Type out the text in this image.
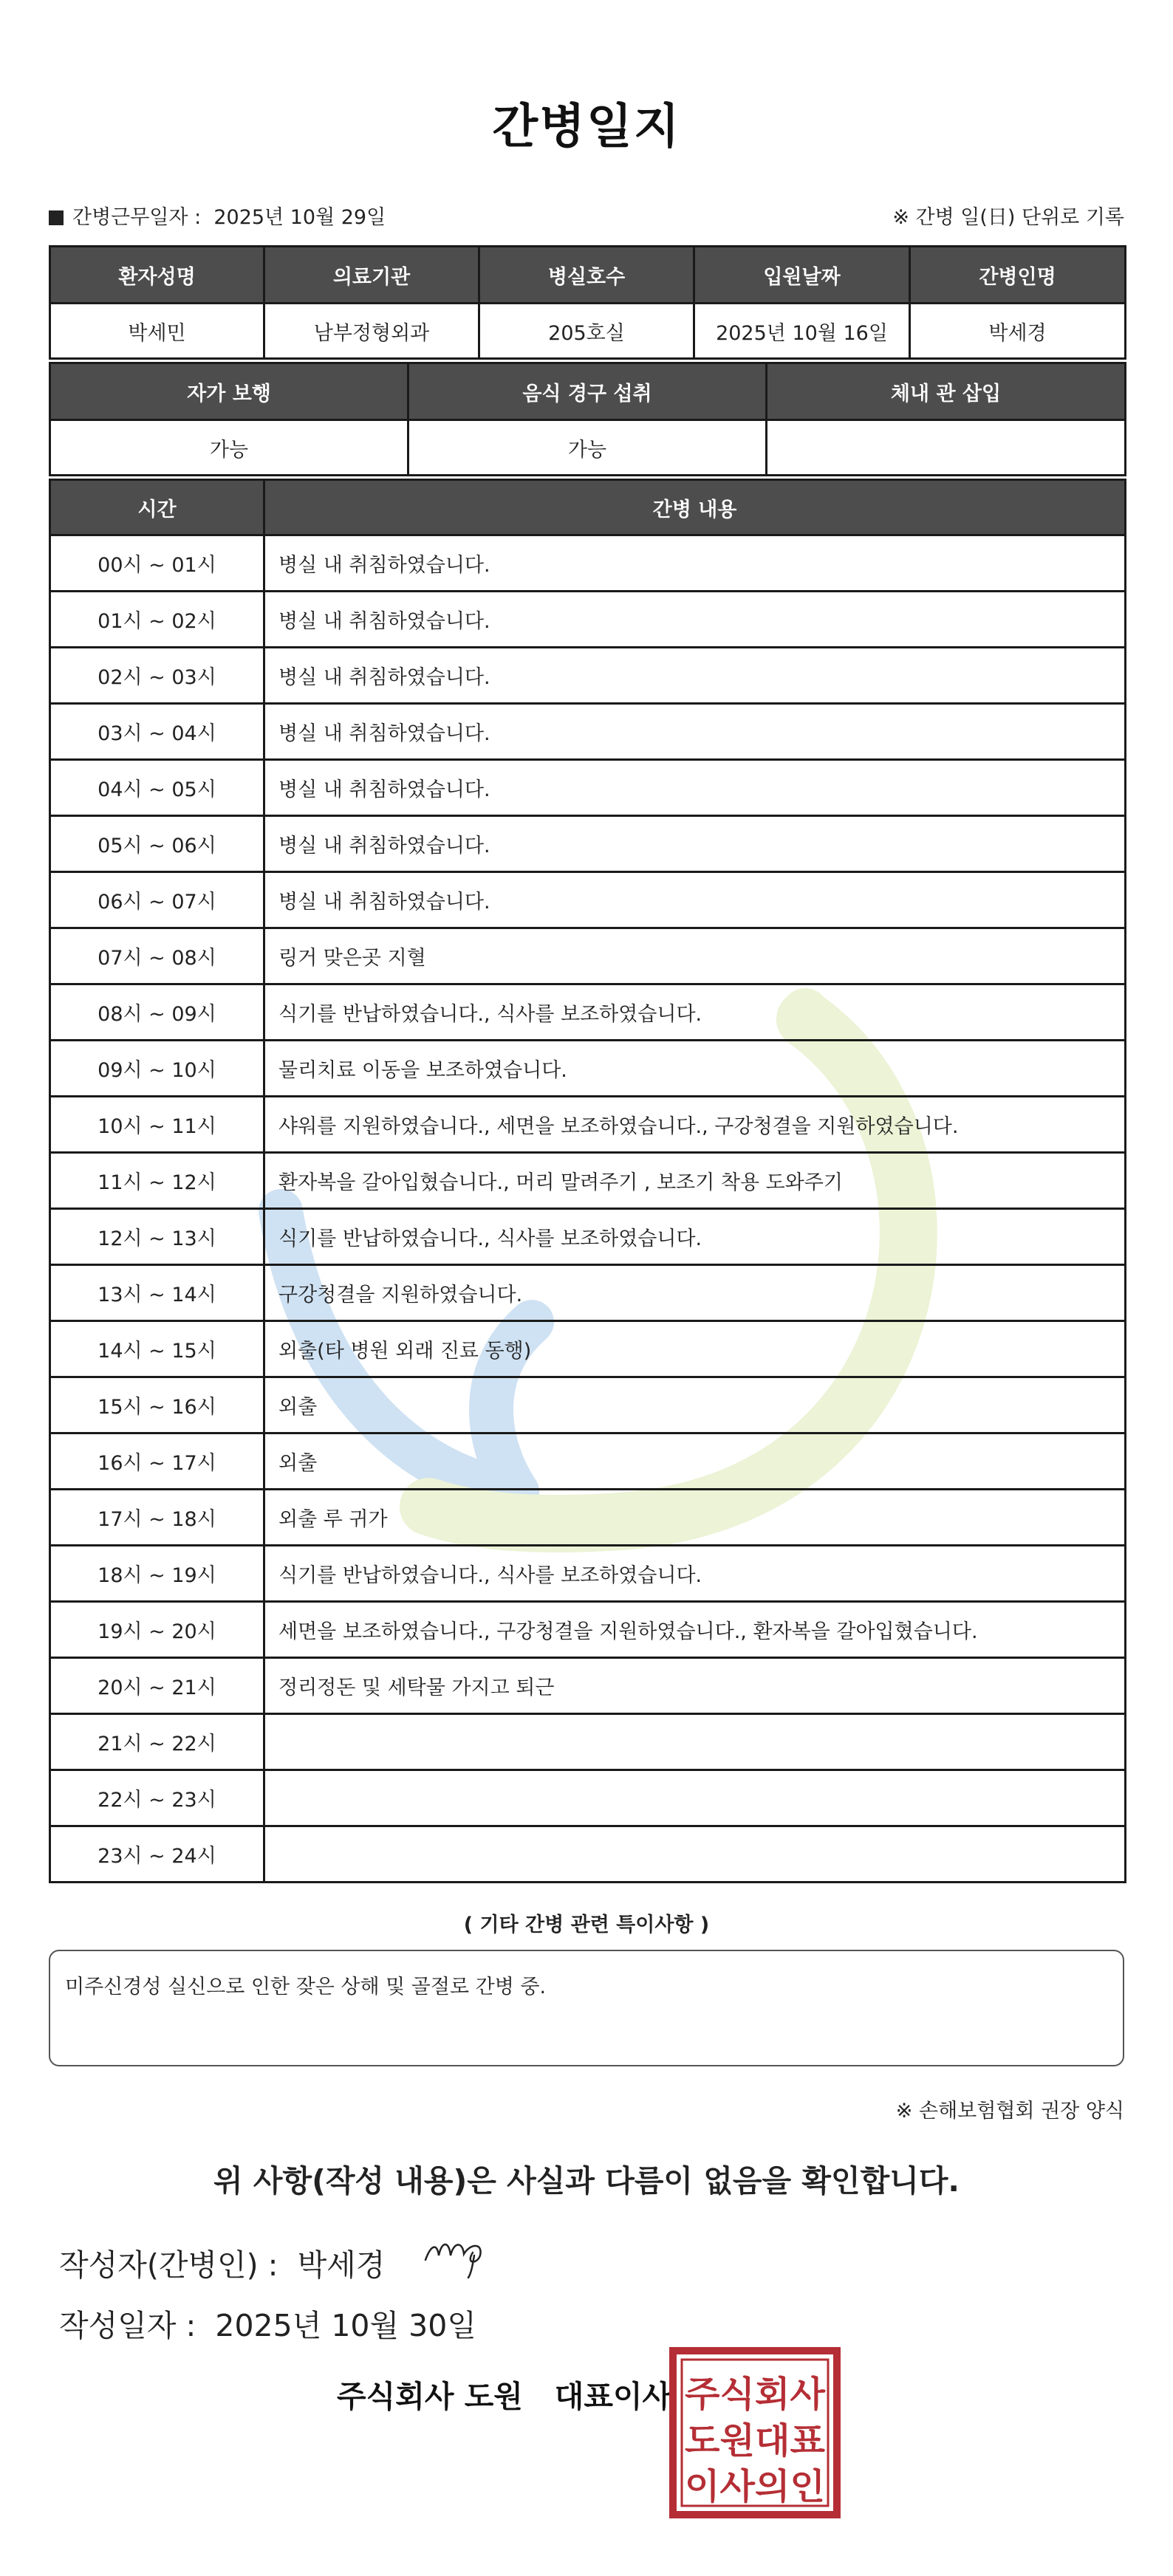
간병일지
간병근무일자 : 2025년 10월 29일	※ 간병 일(日) 단위로 기록
환자성명	의료기관	병실호수	입원날짜	간병인명
박세민	남부정형외과	205호실	2025년 10월 16일	박세경
자가 보행	음식 경구 섭취	체내 관 삽입
가능	가능	
시간	간병 내용
00시 ~ 01시	병실 내 취침하였습니다.
01시 ~ 02시	병실 내 취침하였습니다.
02시 ~ 03시	병실 내 취침하였습니다.
03시 ~ 04시	병실 내 취침하였습니다.
04시 ~ 05시	병실 내 취침하였습니다.
05시 ~ 06시	병실 내 취침하였습니다.
06시 ~ 07시	병실 내 취침하였습니다.
07시 ~ 08시	링거 맞은곳 지혈
08시 ~ 09시	식기를 반납하였습니다., 식사를 보조하였습니다.
09시 ~ 10시	물리치료 이동을 보조하였습니다.
10시 ~ 11시	샤워를 지원하였습니다., 세면을 보조하였습니다., 구강청결을 지원하였습니다.
11시 ~ 12시	환자복을 갈아입혔습니다., 머리 말려주기 , 보조기 착용 도와주기
12시 ~ 13시	식기를 반납하였습니다., 식사를 보조하였습니다.
13시 ~ 14시	구강청결을 지원하였습니다.
14시 ~ 15시	외출(타 병원 외래 진료 동행)
15시 ~ 16시	외출
16시 ~ 17시	외출
17시 ~ 18시	외출 루 귀가
18시 ~ 19시	식기를 반납하였습니다., 식사를 보조하였습니다.
19시 ~ 20시	세면을 보조하였습니다., 구강청결을 지원하였습니다., 환자복을 갈아입혔습니다.
20시 ~ 21시	정리정돈 및 세탁물 가지고 퇴근
21시 ~ 22시	
22시 ~ 23시	
23시 ~ 24시	
( 기타 간병 관련 특이사항 )
미주신경성 실신으로 인한 잦은 상해 및 골절로 간병 중.
※ 손해보험협회 권장 양식
위 사항(작성 내용)은 사실과 다름이 없음을 확인합니다.
작성자(간병인) : 박세경
작성일자 : 2025년 10월 30일
주식회사 도원   대표이사 주식회사
도원대표
이사의인
